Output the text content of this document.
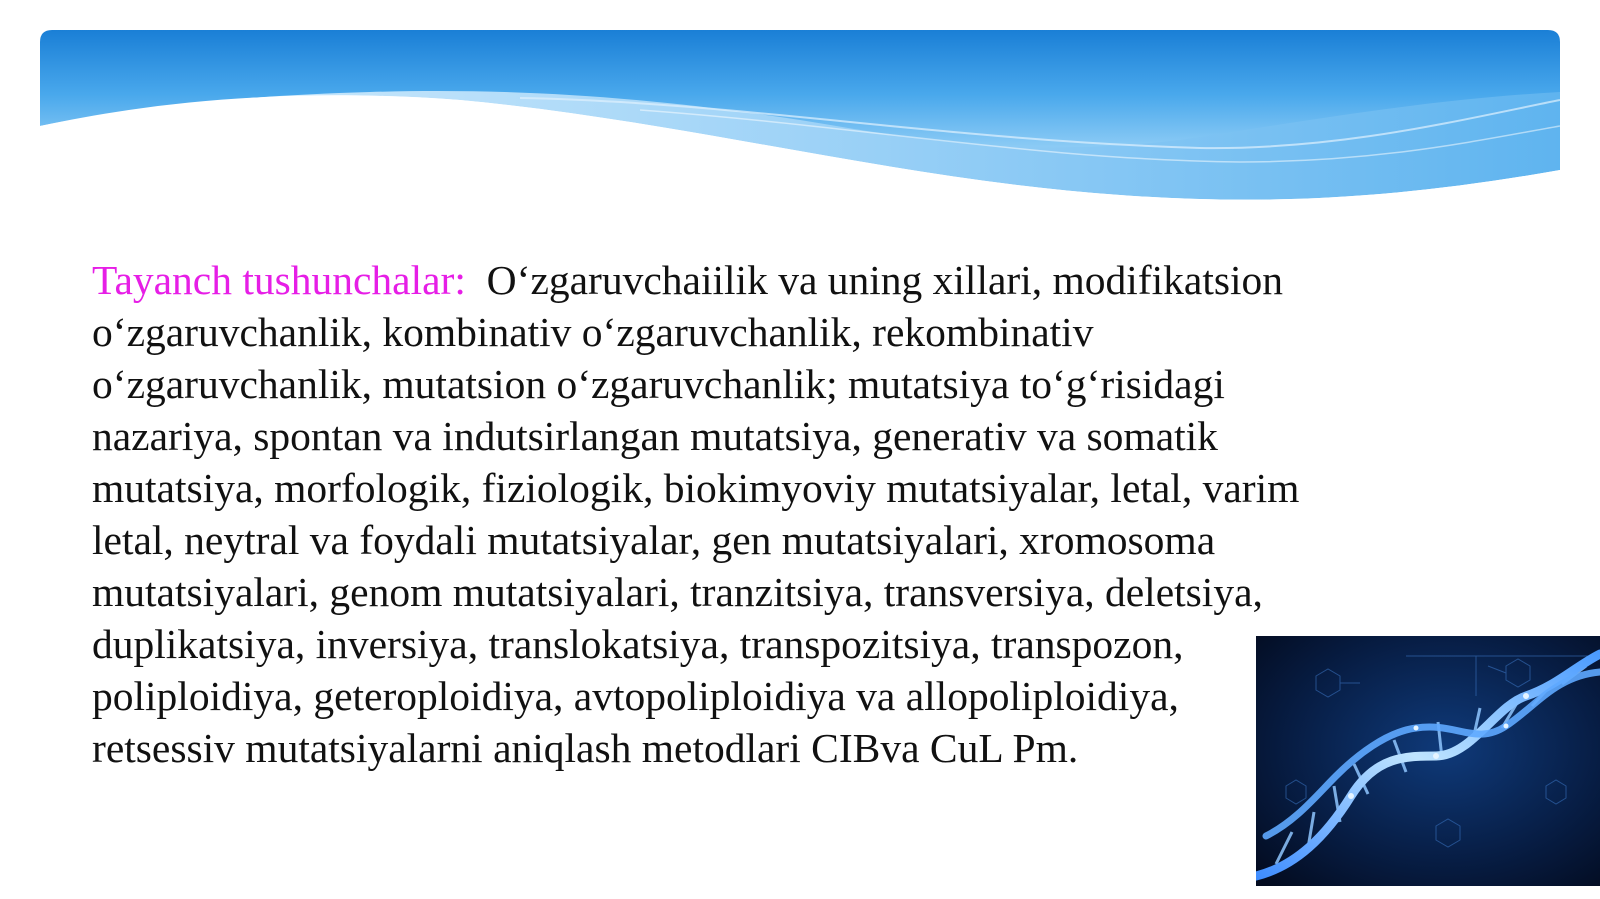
Tayanch tushunchalar: O‘zgaruvchaiilik va uning xillari, modifikatsion
o‘zgaruvchanlik, kombinativ o‘zgaruvchanlik, rekombinativ
o‘zgaruvchanlik, mutatsion o‘zgaruvchanlik; mutatsiya to‘g‘risidagi
nazariya, spontan va indutsirlangan mutatsiya, generativ va somatik
mutatsiya, morfologik, fiziologik, biokimyoviy mutatsiyalar, letal, varim
letal, neytral va foydali mutatsiyalar, gen mutatsiyalari, xromosoma
mutatsiyalari, genom mutatsiyalari, tranzitsiya, transversiya, deletsiya,
duplikatsiya, inversiya, translokatsiya, transpozitsiya, transpozon,
poliploidiya, geteroploidiya, avtopoliploidiya va allopoliploidiya,
retsessiv mutatsiyalarni aniqlash metodlari CIBva CuL Pm.
